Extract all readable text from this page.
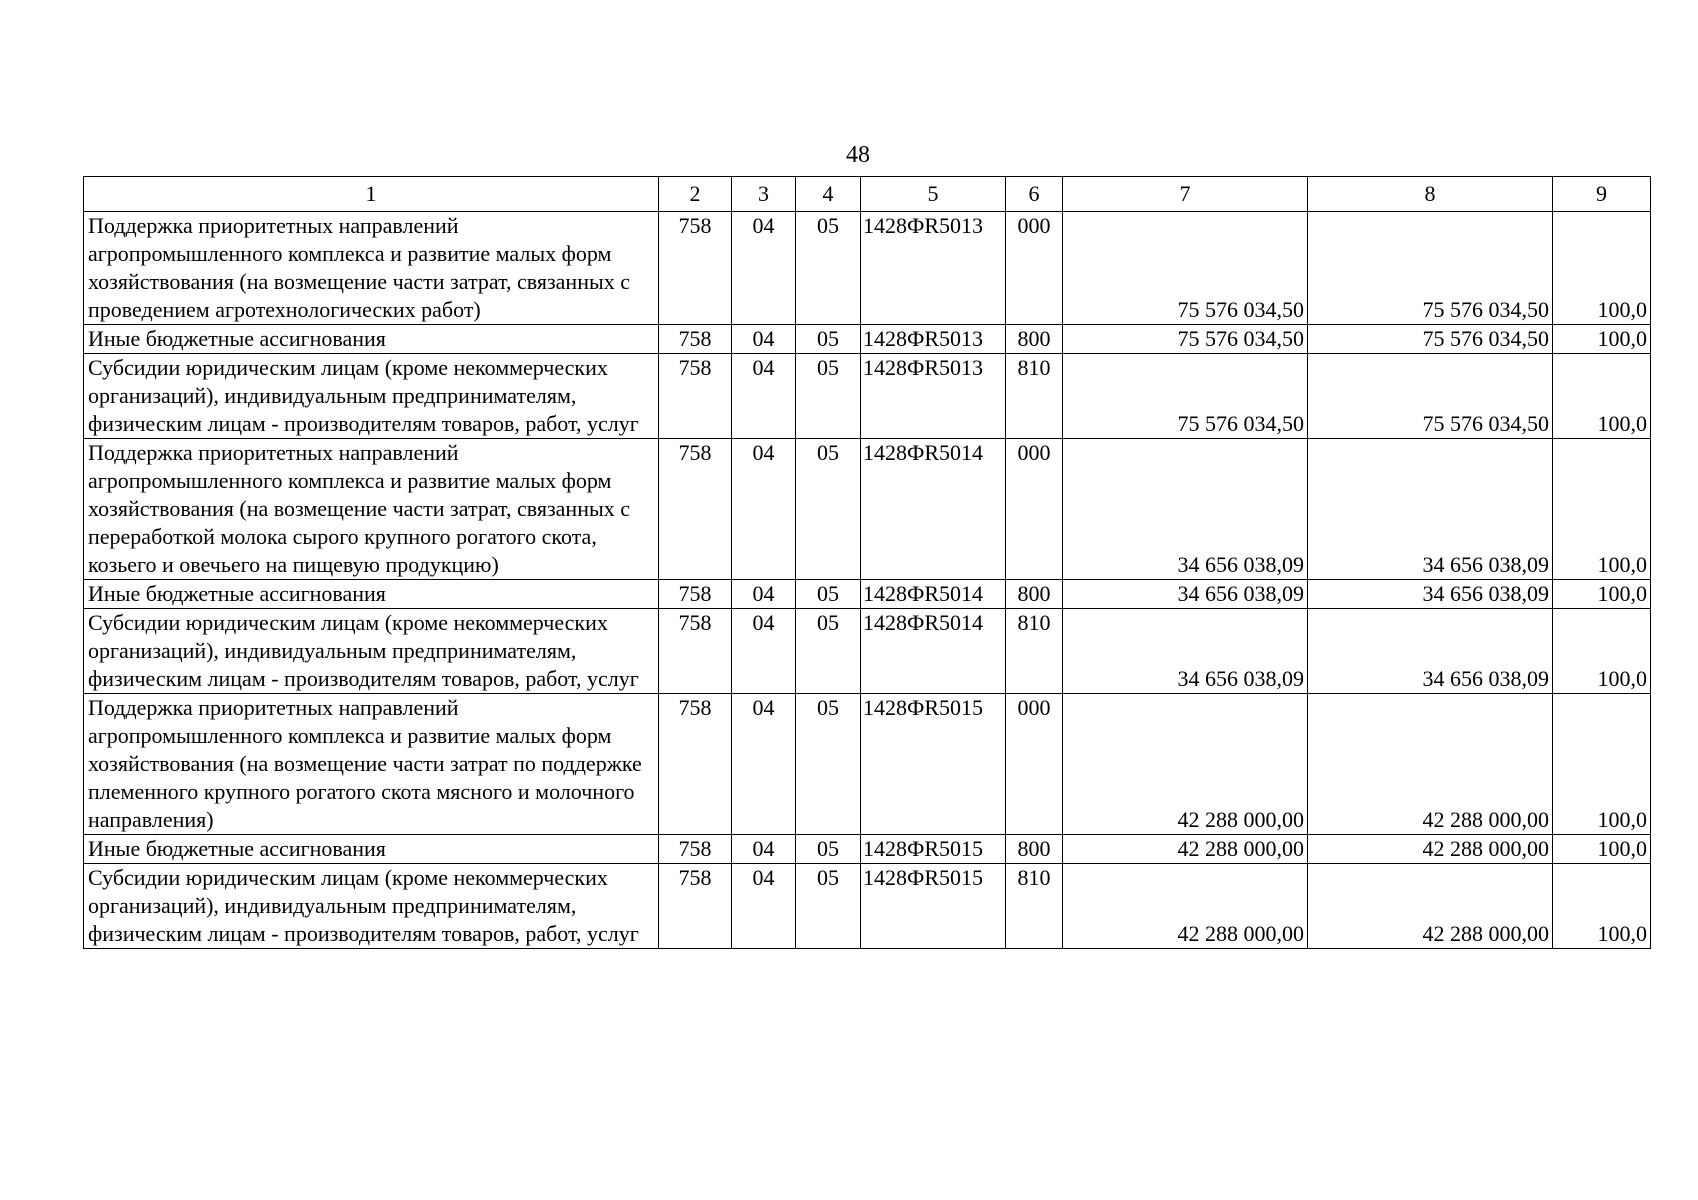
48
1	2	3	4	5	6	7	8	9
Поддержка приоритетных направлений агропромышленного комплекса и развитие малых форм хозяйствования (на возмещение части затрат, связанных с проведением агротехнологических работ)	758	04	05	1428ФR5013	000	75 576 034,50	75 576 034,50	100,0
Иные бюджетные ассигнования	758	04	05	1428ФR5013	800	75 576 034,50	75 576 034,50	100,0
Субсидии юридическим лицам (кроме некоммерческих организаций), индивидуальным предпринимателям, физическим лицам - производителям товаров, работ, услуг	758	04	05	1428ФR5013	810	75 576 034,50	75 576 034,50	100,0
Поддержка приоритетных направлений агропромышленного комплекса и развитие малых форм хозяйствования (на возмещение части затрат, связанных с переработкой молока сырого крупного рогатого скота, козьего и овечьего на пищевую продукцию)	758	04	05	1428ФR5014	000	34 656 038,09	34 656 038,09	100,0
Иные бюджетные ассигнования	758	04	05	1428ФR5014	800	34 656 038,09	34 656 038,09	100,0
Субсидии юридическим лицам (кроме некоммерческих организаций), индивидуальным предпринимателям, физическим лицам - производителям товаров, работ, услуг	758	04	05	1428ФR5014	810	34 656 038,09	34 656 038,09	100,0
Поддержка приоритетных направлений агропромышленного комплекса и развитие малых форм хозяйствования (на возмещение части затрат по поддержке племенного крупного рогатого скота мясного и молочного направления)	758	04	05	1428ФR5015	000	42 288 000,00	42 288 000,00	100,0
Иные бюджетные ассигнования	758	04	05	1428ФR5015	800	42 288 000,00	42 288 000,00	100,0
Субсидии юридическим лицам (кроме некоммерческих организаций), индивидуальным предпринимателям, физическим лицам - производителям товаров, работ, услуг	758	04	05	1428ФR5015	810	42 288 000,00	42 288 000,00	100,0
